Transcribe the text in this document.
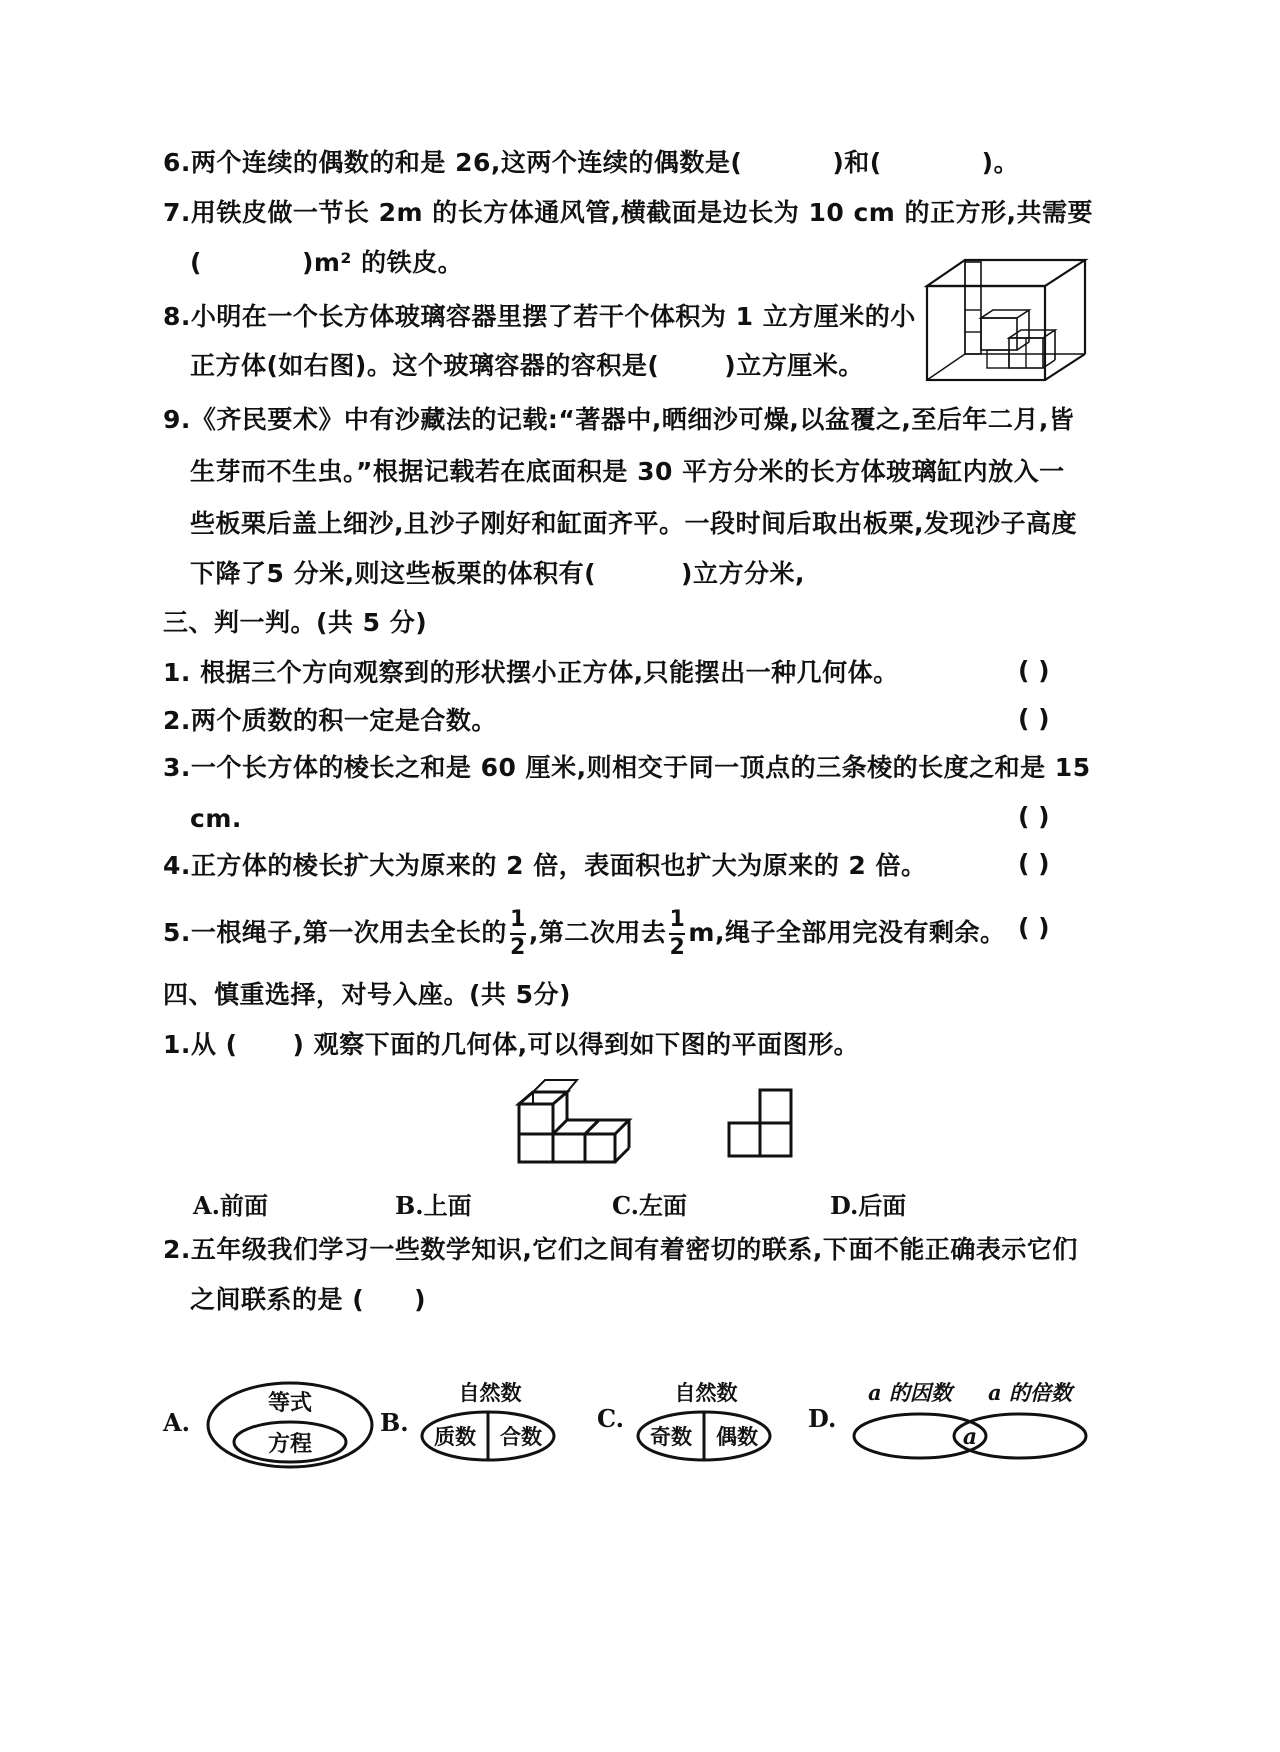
6.两个连续的偶数的和是 26,这两个连续的偶数是(	)和(	)。
7.用铁皮做一节长 2m 的长方体通风管,横截面是边长为 10 cm 的正方形,共需要
(	)m² 的铁皮。
8.小明在一个长方体玻璃容器里摆了若干个体积为 1 立方厘米的小
正方体(如右图)。这个玻璃容器的容积是(	)立方厘米。
9.《齐民要术》中有沙藏法的记载:“著器中,晒细沙可燥,以盆覆之,至后年二月,皆
生芽而不生虫。”根据记载若在底面积是 30 平方分米的长方体玻璃缸内放入一
些板栗后盖上细沙,且沙子刚好和缸面齐平。一段时间后取出板栗,发现沙子高度
下降了5 分米,则这些板栗的体积有(	)立方分米,
三、判一判。(共 5 分)
1. 根据三个方向观察到的形状摆小正方体,只能摆出一种几何体。	( )
2.两个质数的积一定是合数。	( )
3.一个长方体的棱长之和是 60 厘米,则相交于同一顶点的三条棱的长度之和是 15
cm.	( )
4.正方体的棱长扩大为原来的 2 倍，表面积也扩大为原来的 2 倍。	( )
5.一根绳子,第一次用去全长的 $\frac{1}{2}$ ,第二次用去 $\frac{1}{2} m$,绳子全部用完没有剩余。 ( )
四、慎重选择，对号入座。(共 5分)
1.从 ( ) 观察下面的几何体,可以得到如下图的平面图形。
A.前面	B.上面	C.左面	D.后面
2.五年级我们学习一些数学知识,它们之间有着密切的联系,下面不能正确表示它们
之间联系的是 ( )
A.
等式
方程
B.
自然数
质数 合数
C.
自然数
奇数 偶数
D.
a 的因数 a 的倍数
a
